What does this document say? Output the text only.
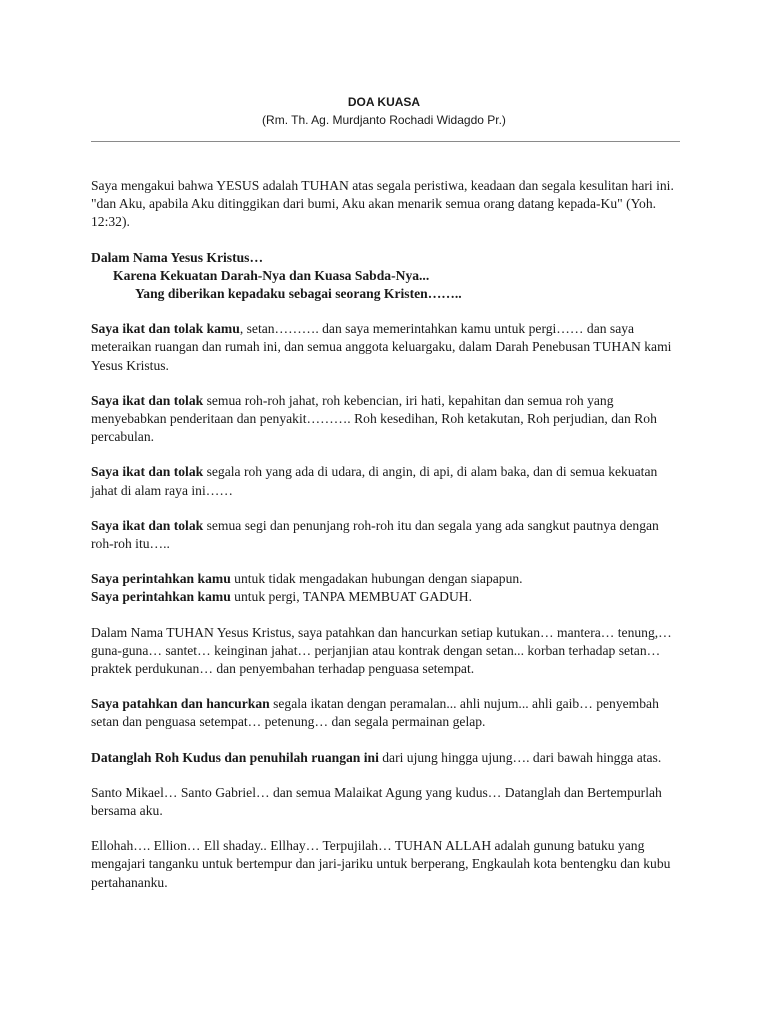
DOA KUASA
(Rm. Th. Ag. Murdjanto Rochadi Widagdo Pr.)

Saya mengakui bahwa YESUS adalah TUHAN atas segala peristiwa, keadaan dan segala kesulitan hari ini. "dan Aku, apabila Aku ditinggikan dari bumi, Aku akan menarik semua orang datang kepada-Ku" (Yoh. 12:32).

Dalam Nama Yesus Kristus…
Karena Kekuatan Darah-Nya dan Kuasa Sabda-Nya...
Yang diberikan kepadaku sebagai seorang Kristen……..

Saya ikat dan tolak kamu, setan………. dan saya memerintahkan kamu untuk pergi…… dan saya meteraikan ruangan dan rumah ini, dan semua anggota keluargaku, dalam Darah Penebusan TUHAN kami Yesus Kristus.

Saya ikat dan tolak semua roh-roh jahat, roh kebencian, iri hati, kepahitan dan semua roh yang menyebabkan penderitaan dan penyakit………. Roh kesedihan, Roh ketakutan, Roh perjudian, dan Roh percabulan.

Saya ikat dan tolak segala roh yang ada di udara, di angin, di api, di alam baka, dan di semua kekuatan jahat di alam raya ini……

Saya ikat dan tolak semua segi dan penunjang roh-roh itu dan segala yang ada sangkut pautnya dengan roh-roh itu…..

Saya perintahkan kamu untuk tidak mengadakan hubungan dengan siapapun.
Saya perintahkan kamu untuk pergi, TANPA MEMBUAT GADUH.

Dalam Nama TUHAN Yesus Kristus, saya patahkan dan hancurkan setiap kutukan… mantera… tenung,… guna-guna… santet… keinginan jahat… perjanjian atau kontrak dengan setan... korban terhadap setan… praktek perdukunan… dan penyembahan terhadap penguasa setempat.

Saya patahkan dan hancurkan segala ikatan dengan peramalan... ahli nujum... ahli gaib… penyembah setan dan penguasa setempat… petenung… dan segala permainan gelap.

Datanglah Roh Kudus dan penuhilah ruangan ini dari ujung hingga ujung…. dari bawah hingga atas.

Santo Mikael… Santo Gabriel… dan semua Malaikat Agung yang kudus… Datanglah dan Bertempurlah bersama aku.

Ellohah…. Ellion… Ell shaday.. Ellhay… Terpujilah… TUHAN ALLAH adalah gunung batuku yang mengajari tanganku untuk bertempur dan jari-jariku untuk berperang, Engkaulah kota bentengku dan kubu pertahananku.
